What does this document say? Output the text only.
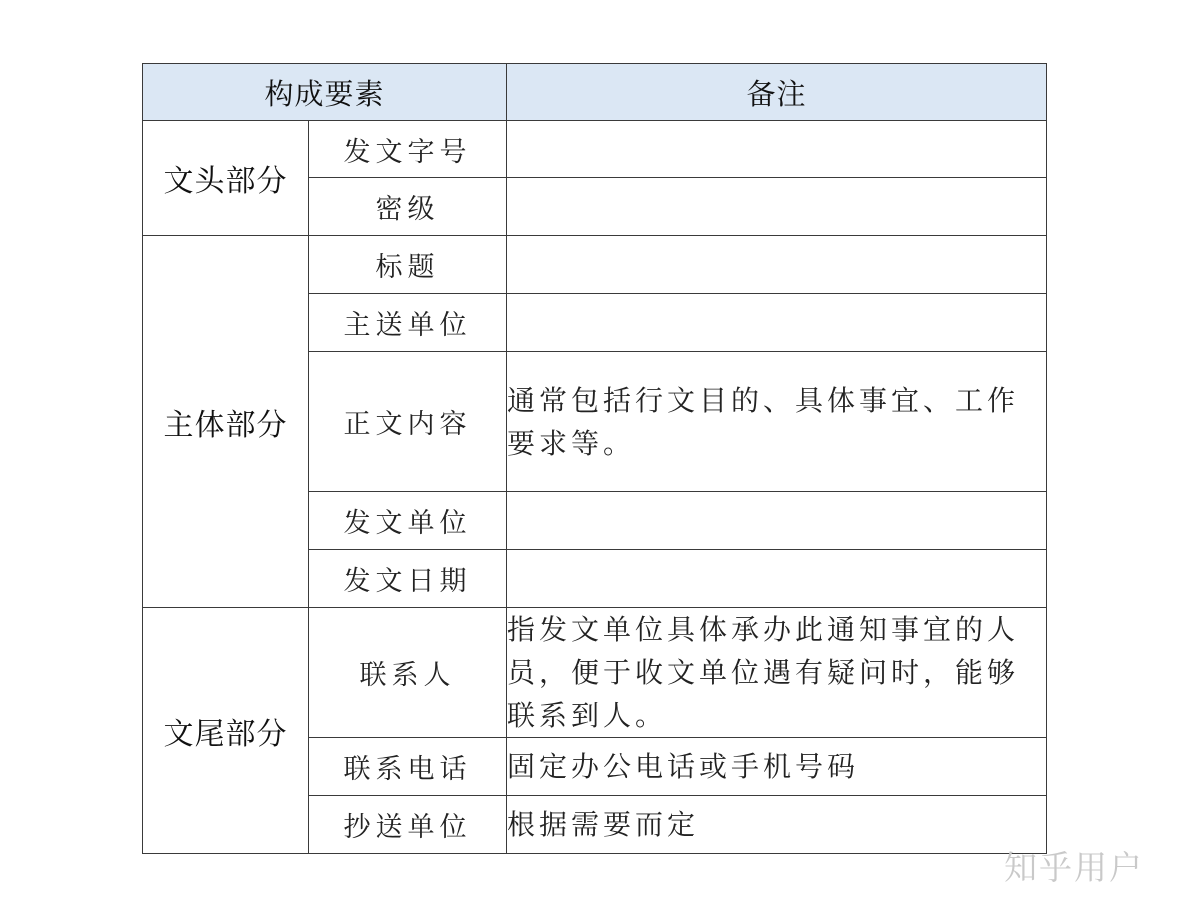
构成要素		备注
文头部分	发文字号	
	密级	
主体部分	标题	
	主送单位	
	正文内容	通常包括行文目的、具体事宜、工作要求等。
	发文单位	
	发文日期	
文尾部分	联系人	指发文单位具体承办此通知事宜的人员，便于收文单位遇有疑问时，能够联系到人。
	联系电话	固定办公电话或手机号码
	抄送单位	根据需要而定
知乎用户
